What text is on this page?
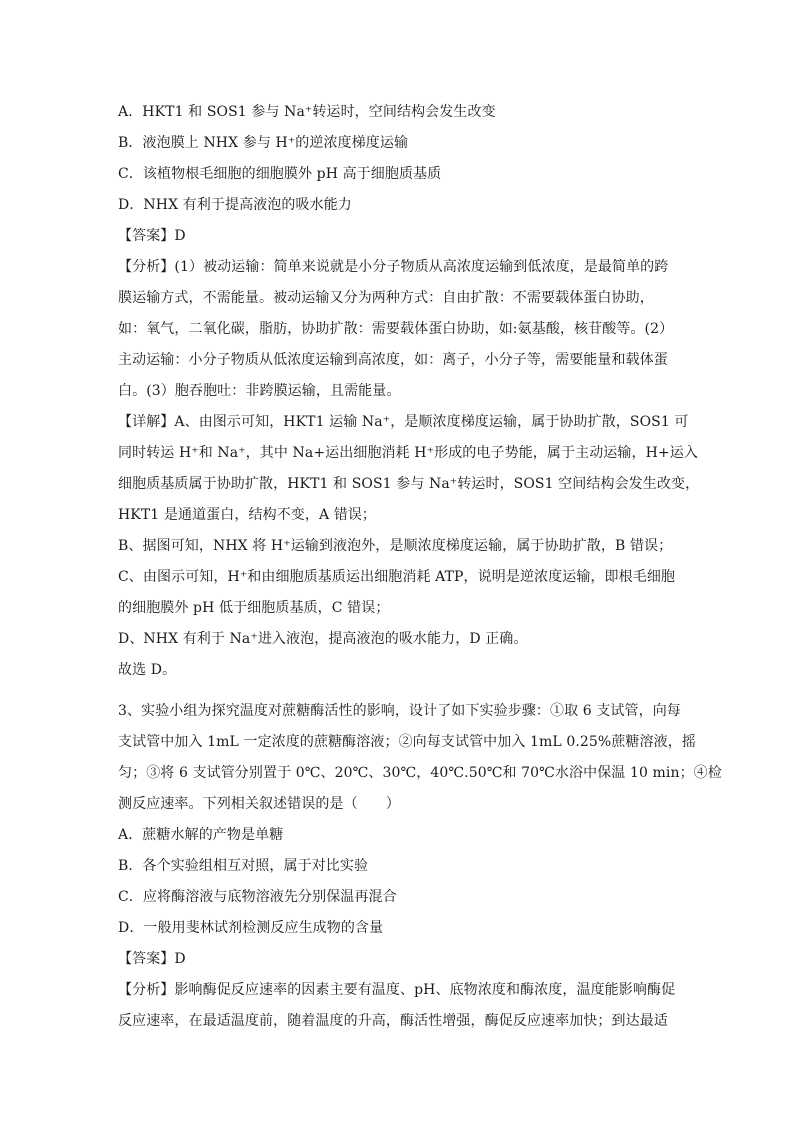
A．HKT1 和 SOS1 参与 Na⁺转运时，空间结构会发生改变
B．液泡膜上 NHX 参与 H⁺的逆浓度梯度运输
C．该植物根毛细胞的细胞膜外 pH 高于细胞质基质
D．NHX 有利于提高液泡的吸水能力
【答案】D
【分析】(1）被动运输：简单来说就是小分子物质从高浓度运输到低浓度，是最简单的跨
膜运输方式，不需能量。被动运输又分为两种方式：自由扩散：不需要载体蛋白协助，
如：氧气，二氧化碳，脂肪，协助扩散：需要载体蛋白协助，如:氨基酸，核苷酸等。(2）
主动运输：小分子物质从低浓度运输到高浓度，如：离子，小分子等，需要能量和载体蛋
白。(3）胞吞胞吐：非跨膜运输，且需能量。
【详解】A、由图示可知，HKT1 运输 Na⁺，是顺浓度梯度运输，属于协助扩散，SOS1 可
同时转运 H⁺和 Na⁺，其中 Na+运出细胞消耗 H⁺形成的电子势能，属于主动运输，H+运入
细胞质基质属于协助扩散，HKT1 和 SOS1 参与 Na⁺转运时，SOS1 空间结构会发生改变，
HKT1 是通道蛋白，结构不变，A 错误；
B、据图可知，NHX 将 H⁺运输到液泡外，是顺浓度梯度运输，属于协助扩散，B 错误；
C、由图示可知，H⁺和由细胞质基质运出细胞消耗 ATP，说明是逆浓度运输，即根毛细胞
的细胞膜外 pH 低于细胞质基质，C 错误；
D、NHX 有利于 Na⁺进入液泡，提高液泡的吸水能力，D 正确。
故选 D。
3、实验小组为探究温度对蔗糖酶活性的影响，设计了如下实验步骤：①取 6 支试管，向每
支试管中加入 1mL 一定浓度的蔗糖酶溶液；②向每支试管中加入 1mL 0.25%蔗糖溶液，摇
匀；③将 6 支试管分别置于 0℃、20℃、30℃，40℃.50℃和 70℃水浴中保温 10 min；④检
测反应速率。下列相关叙述错误的是（　　）
A．蔗糖水解的产物是单糖
B．各个实验组相互对照，属于对比实验
C．应将酶溶液与底物溶液先分别保温再混合
D．一般用斐林试剂检测反应生成物的含量
【答案】D
【分析】影响酶促反应速率的因素主要有温度、pH、底物浓度和酶浓度，温度能影响酶促
反应速率，在最适温度前，随着温度的升高，酶活性增强，酶促反应速率加快；到达最适
